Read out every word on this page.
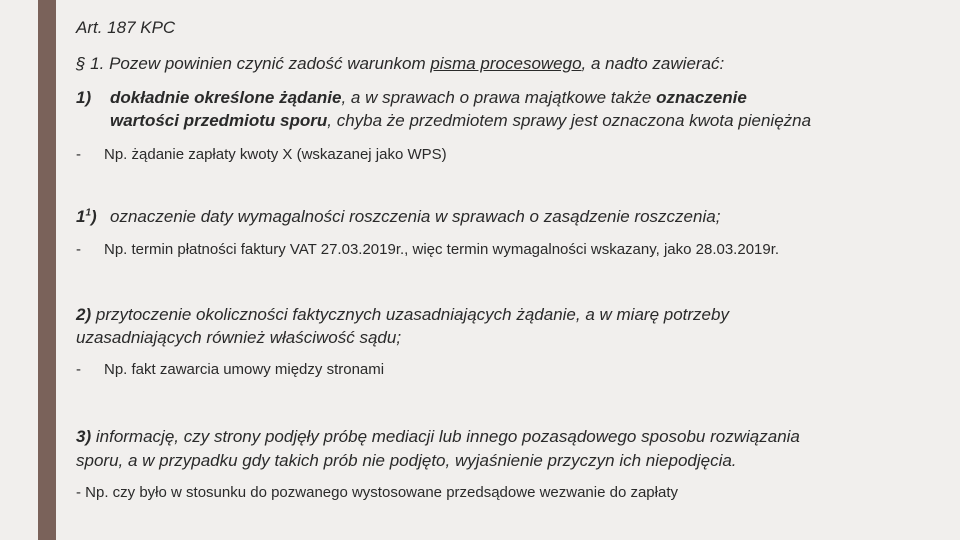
Art. 187 KPC
§ 1. Pozew powinien czynić zadość warunkom pisma procesowego, a nadto zawierać:
1) dokładnie określone żądanie, a w sprawach o prawa majątkowe także oznaczenie
wartości przedmiotu sporu, chyba że przedmiotem sprawy jest oznaczona kwota pieniężna
- Np. żądanie zapłaty kwoty X (wskazanej jako WPS)
$1^1$) oznaczenie daty wymagalności roszczenia w sprawach o zasądzenie roszczenia;
- Np. termin płatności faktury VAT 27.03.2019r., więc termin wymagalności wskazany, jako 28.03.2019r.
2) przytoczenie okoliczności faktycznych uzasadniających żądanie, a w miarę potrzeby
uzasadniających również właściwość sądu;
- Np. fakt zawarcia umowy między stronami
3) informację, czy strony podjęły próbę mediacji lub innego pozasądowego sposobu rozwiązania
sporu, a w przypadku gdy takich prób nie podjęto, wyjaśnienie przyczyn ich niepodjęcia.
- Np. czy było w stosunku do pozwanego wystosowane przedsądowe wezwanie do zapłaty
